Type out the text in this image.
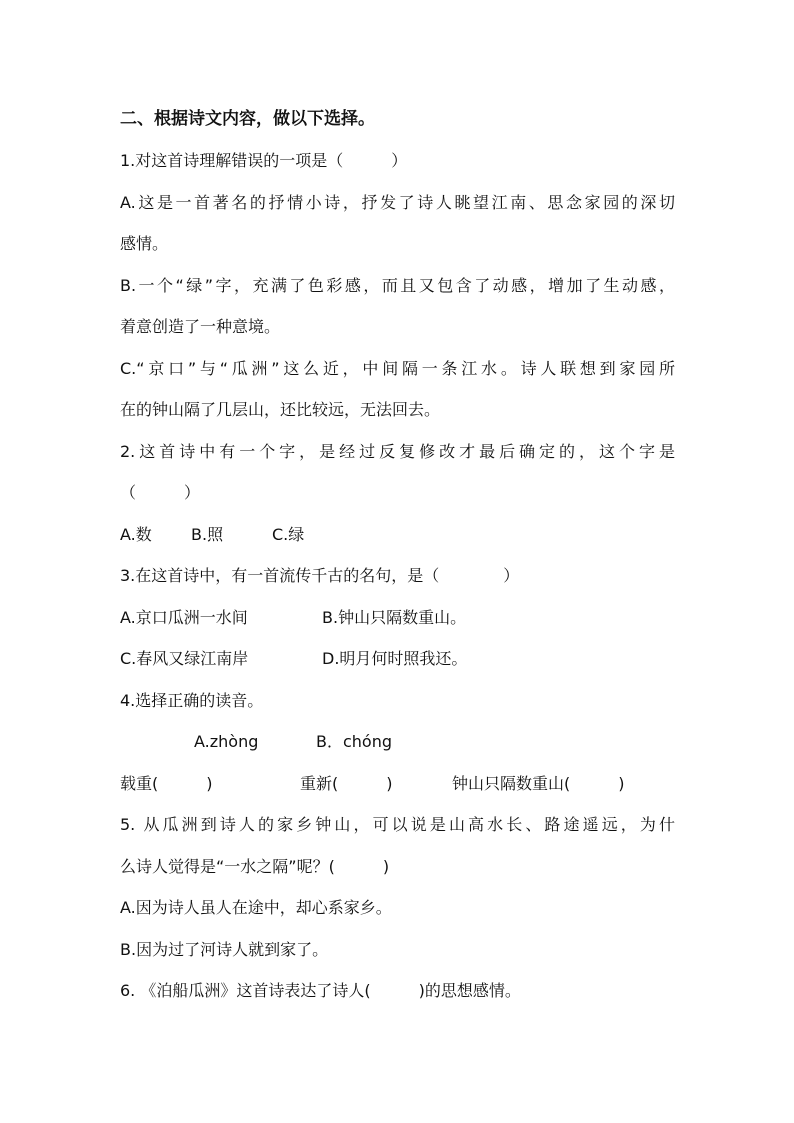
二、根据诗文内容，做以下选择。
1.对这首诗理解错误的一项是（　　　）
A.这是一首著名的抒情小诗，抒发了诗人眺望江南、思念家园的深切
感情。
B.一个“绿”字，充满了色彩感，而且又包含了动感，增加了生动感，
着意创造了一种意境。
C.“京口”与“瓜洲”这么近，中间隔一条江水。诗人联想到家园所
在的钟山隔了几层山，还比较远，无法回去。
2.这首诗中有一个字，是经过反复修改才最后确定的，这个字是
（　　　）
A.数 B.照	C.绿
3.在这首诗中，有一首流传千古的名句，是（　　　　）
A.京口瓜洲一水间	B.钟山只隔数重山。
C.春风又绿江南岸	D.明月何时照我还。
4.选择正确的读音。
A.zhòng	B．chóng
载重(　　　)	重新(　　　)	钟山只隔数重山(　　　)
5. 从瓜洲到诗人的家乡钟山，可以说是山高水长、路途遥远，为什
么诗人觉得是“一水之隔”呢？(　　　)
A.因为诗人虽人在途中，却心系家乡。
B.因为过了河诗人就到家了。
6. 《泊船瓜洲》这首诗表达了诗人(　　　)的思想感情。
